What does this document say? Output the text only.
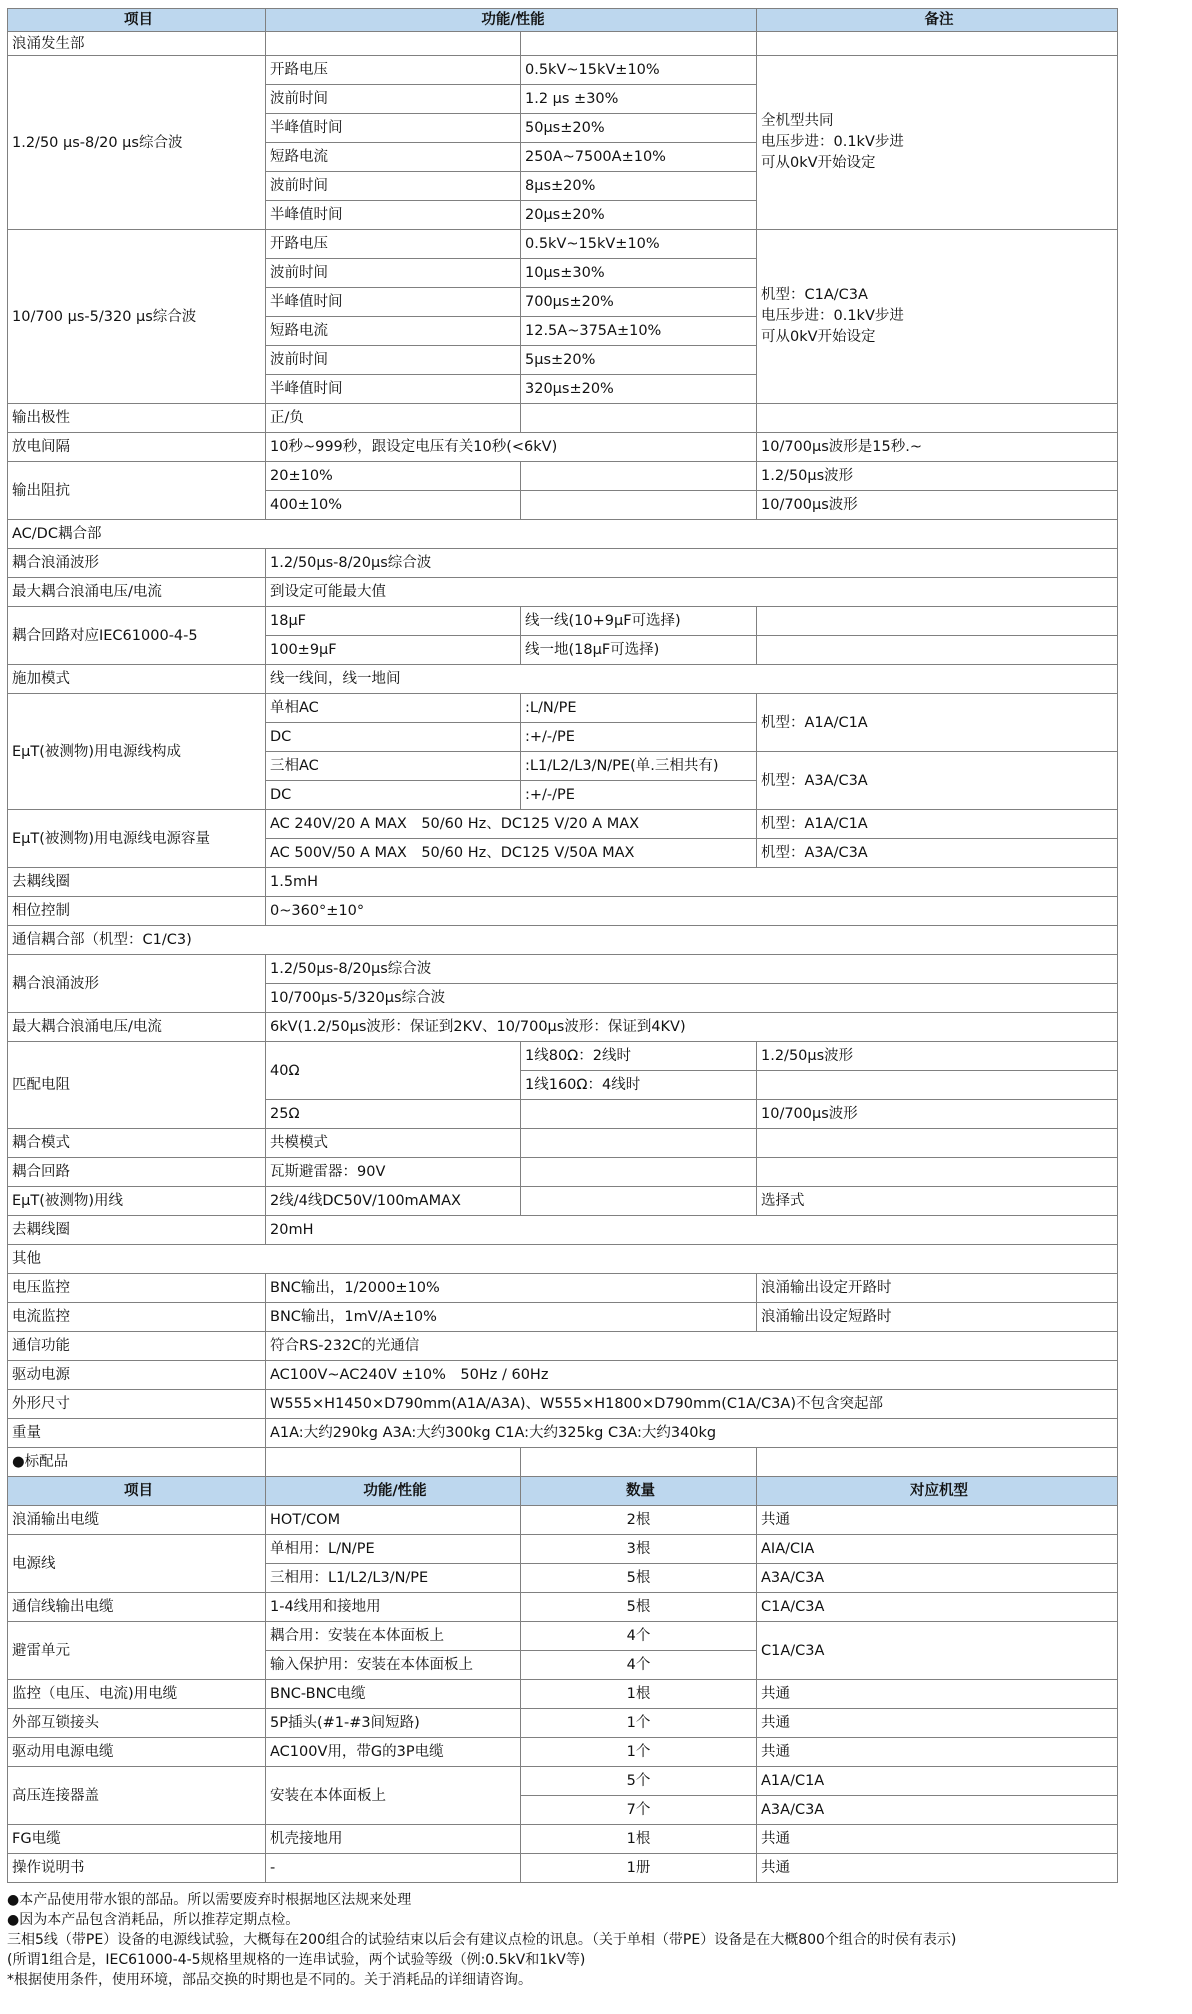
项目	功能/性能		备注
浪涌发生部			
1.2/50 μs-8/20 μs综合波	开路电压	0.5kV~15kV±10%	全机型共同
电压步进：0.1kV步进
可从0kV开始设定

	波前时间	1.2 μs ±30%	
	半峰值时间	50μs±20%	
	短路电流	250A~7500A±10%	
	波前时间	8μs±20%	
	半峰值时间	20μs±20%	
10/700 μs-5/320 μs综合波	开路电压	0.5kV~15kV±10%	机型：C1A/C3A
电压步进：0.1kV步进
可从0kV开始设定

	波前时间	10μs±30%	
	半峰值时间	700μs±20%	
	短路电流	12.5A~375A±10%	
	波前时间	5μs±20%	
	半峰值时间	320μs±20%	
输出极性	正/负		
放电间隔	10秒~999秒，跟设定电压有关10秒(<6kV)		10/700μs波形是15秒.~
输出阻抗	20±10%		1.2/50μs波形
	400±10%		10/700μs波形
AC/DC耦合部			
耦合浪涌波形	1.2/50μs-8/20μs综合波		
最大耦合浪涌电压/电流	到设定可能最大值		
耦合回路对应IEC61000-4-5	18μF	线一线(10+9μF可选择)	
	100±9μF	线一地(18μF可选择)	
施加模式	线一线间，线一地间		
EμT(被测物)用电源线构成	单相AC	:L/N/PE	机型：A1A/C1A
	DC	:+/-/PE	
	三相AC	:L1/L2/L3/N/PE(单.三相共有)	机型：A3A/C3A
	DC	:+/-/PE	
EμT(被测物)用电源线电源容量	AC 240V/20 A MAX　50/60 Hz、DC125 V/20 A MAX		机型：A1A/C1A
	AC 500V/50 A MAX　50/60 Hz、DC125 V/50A MAX		机型：A3A/C3A
去耦线圈	1.5mH		
相位控制	0~360°±10°		
通信耦合部（机型：C1/C3)			
耦合浪涌波形	1.2/50μs-8/20μs综合波		
	10/700μs-5/320μs综合波		
最大耦合浪涌电压/电流	6kV(1.2/50μs波形：保证到2KV、10/700μs波形：保证到4KV)		
匹配电阻	40Ω	1线80Ω：2线时	1.2/50μs波形
		1线160Ω：4线时	
	25Ω		10/700μs波形
耦合模式	共模模式		
耦合回路	瓦斯避雷器：90V		
EμT(被测物)用线	2线/4线DC50V/100mAMAX		选择式
去耦线圈	20mH		
其他			
电压监控	BNC输出，1/2000±10%		浪涌输出设定开路时
电流监控	BNC输出，1mV/A±10%		浪涌输出设定短路时
通信功能	符合RS-232C的光通信		
驱动电源	AC100V~AC240V ±10%　50Hz / 60Hz		
外形尺寸	W555×H1450×D790mm(A1A/A3A)、W555×H1800×D790mm(C1A/C3A)不包含突起部		
重量	A1A:大约290kg A3A:大约300kg C1A:大约325kg C3A:大约340kg		
●标配品			
项目	功能/性能	数量	对应机型
浪涌输出电缆	HOT/COM	2根	共通
电源线	单相用：L/N/PE	3根	AIA/CIA
	三相用：L1/L2/L3/N/PE	5根	A3A/C3A
通信线输出电缆	1-4线用和接地用	5根	C1A/C3A
避雷单元	耦合用：安装在本体面板上	4个	C1A/C3A
	输入保护用：安装在本体面板上	4个	
监控（电压、电流)用电缆	BNC-BNC电缆	1根	共通
外部互锁接头	5P插头(#1-#3间短路)	1个	共通
驱动用电源电缆	AC100V用，带G的3P电缆	1个	共通
高压连接器盖	安装在本体面板上	5个	A1A/C1A
		7个	A3A/C3A
FG电缆	机壳接地用	1根	共通
操作说明书	-	1册	共通
●本产品使用带水银的部品。所以需要废弃时根据地区法规来处理
●因为本产品包含消耗品，所以推荐定期点检。
三相5线（带PE）设备的电源线试验，大概每在200组合的试验结束以后会有建议点检的讯息。（关于单相（带PE）设备是在大概800个组合的时侯有表示)
(所谓1组合是，IEC61000-4-5规格里规格的一连串试验，两个试验等级（例:0.5kV和1kV等)
*根据使用条件，使用环境，部品交换的时期也是不同的。关于消耗品的详细请咨询。
